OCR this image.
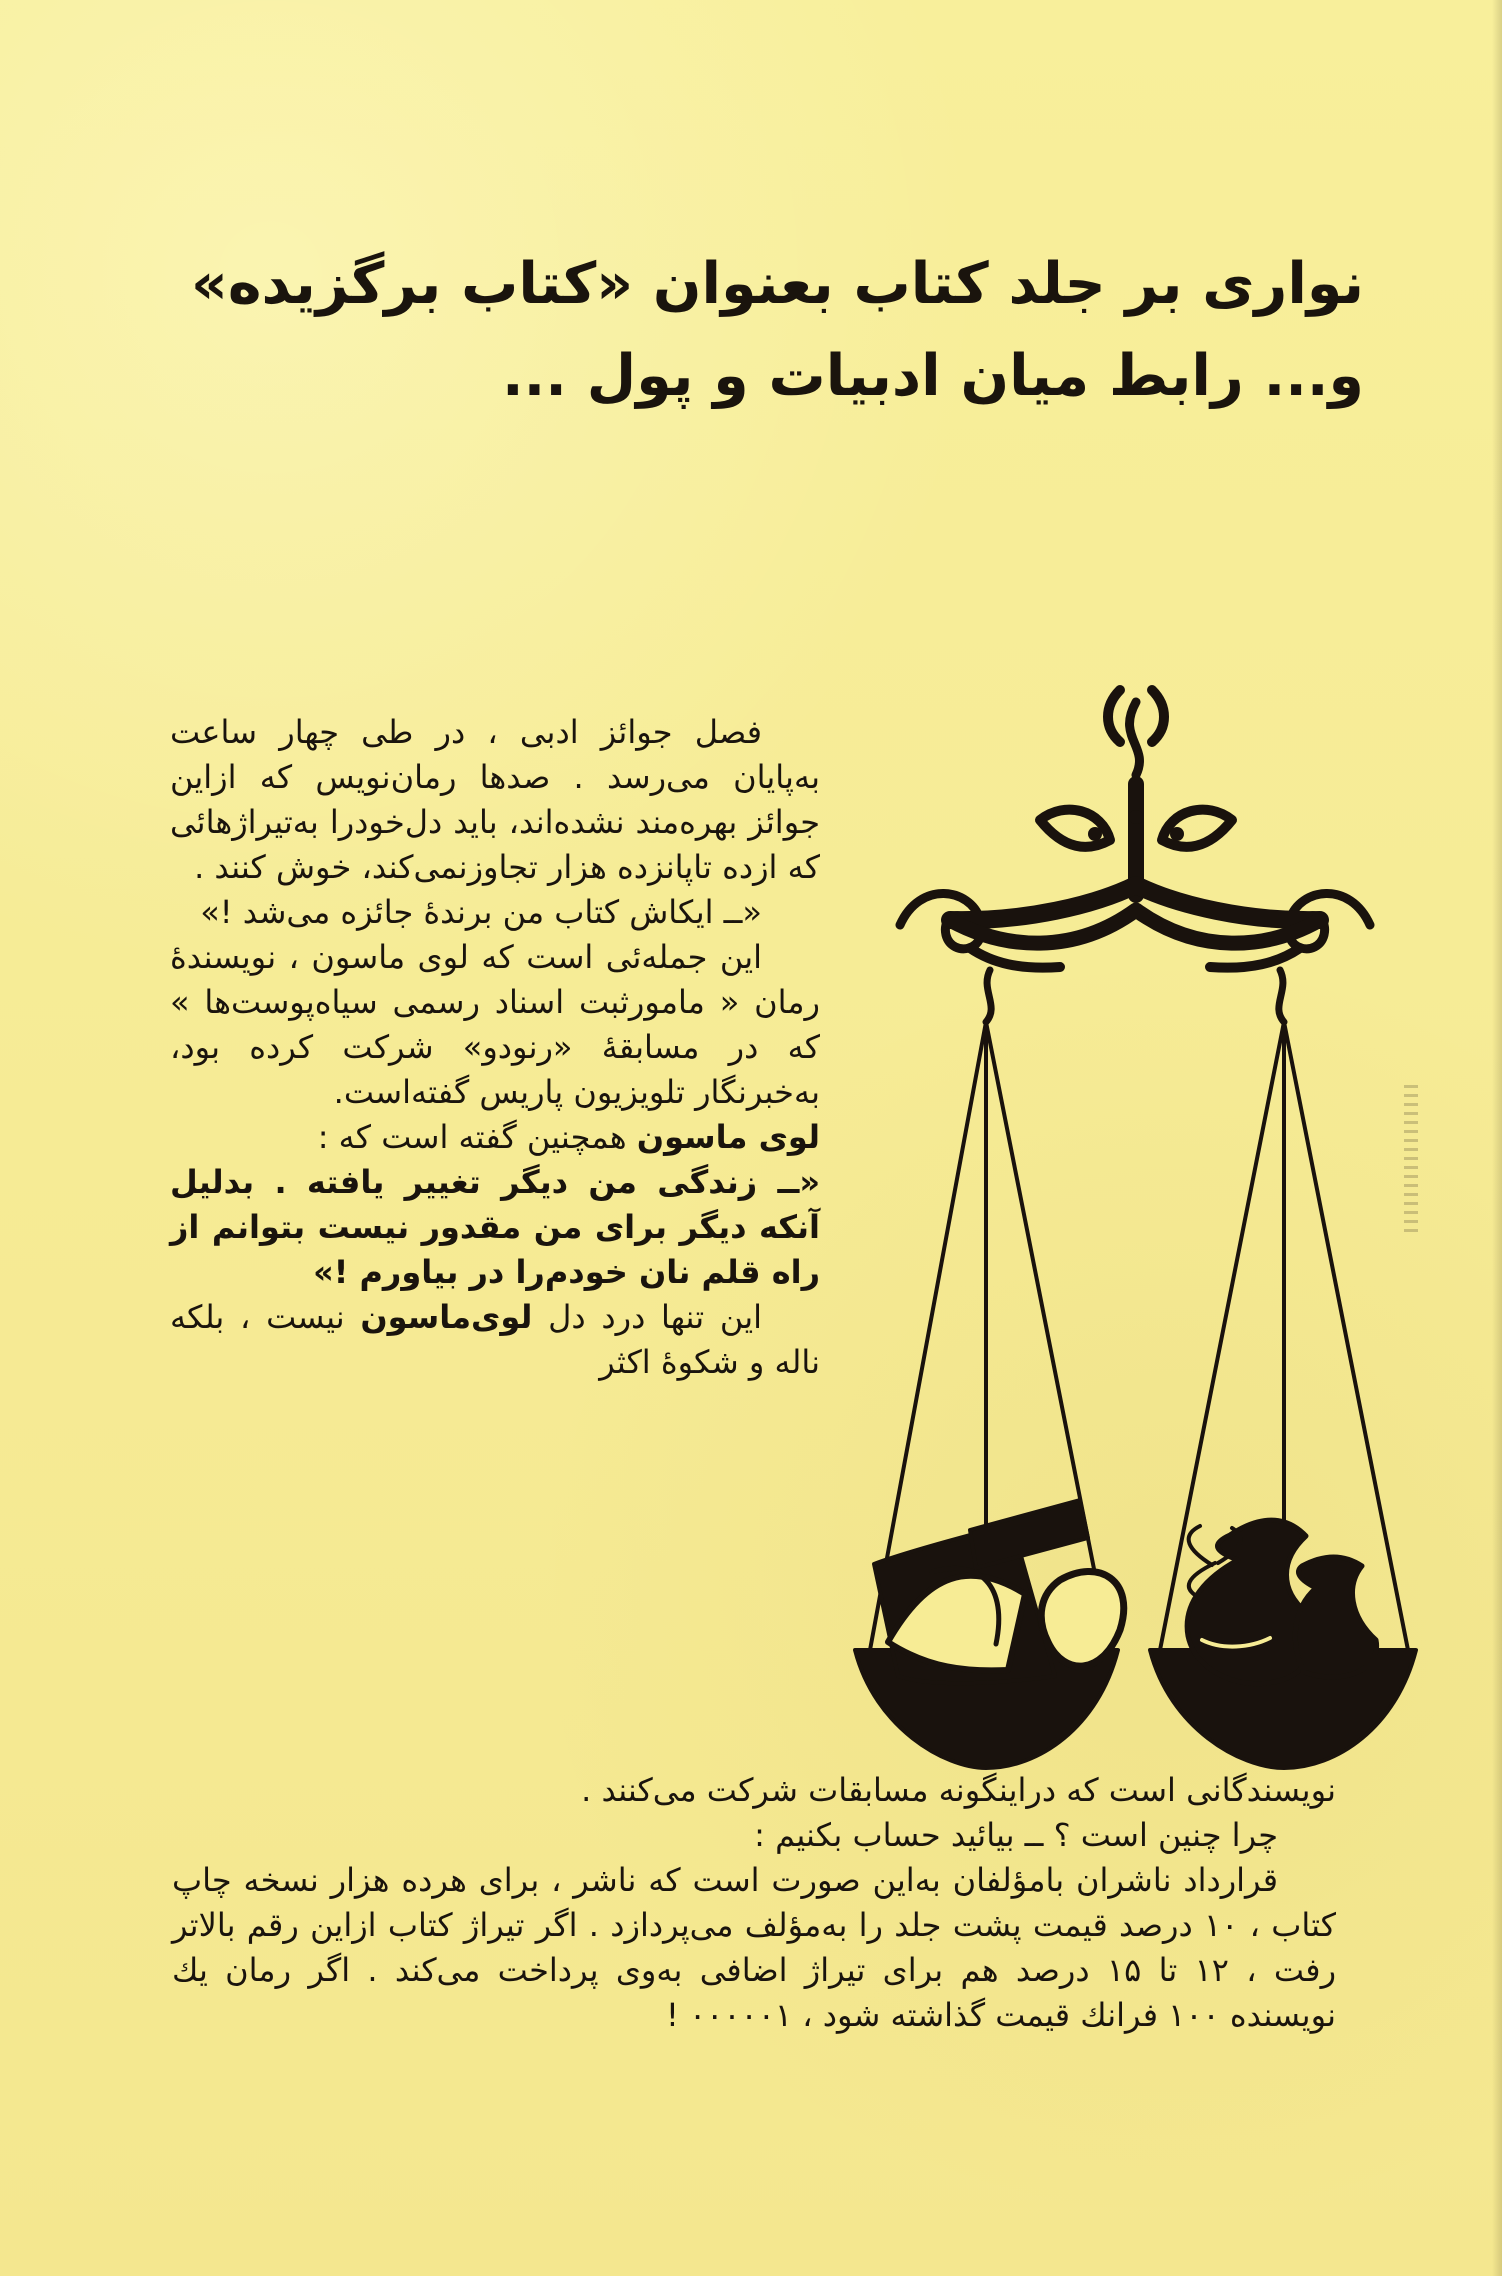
نواری بر جلد کتاب بعنوان «کتاب برگزیده»
و... رابط میان ادبیات و پول ...

فصل جوائز ادبی ، در طی چهار ساعت به‌پایان می‌رسد . صدها رمان‌نویس که ازاین جوائز بهره‌مند نشده‌اند، باید دل‌خودرا به‌تیراژهائی که ازده تاپانزده هزار تجاوزنمی‌کند، خوش کنند .

«ــ ایکاش کتاب من برندهٔ جائزه می‌شد !»

این جمله‌ئی است که لوی ماسون ، نویسندهٔ رمان « مامورثبت اسناد رسمی سیاه‌پوست‌ها » که در مسابقهٔ «رنودو» شرکت کرده بود، به‌خبرنگار تلویزیون پاریس گفته‌است.

لوی ماسون همچنین گفته است که :

«ــ زندگی من دیگر تغییر یافته . بدلیل آنکه دیگر برای من مقدور نیست بتوانم از راه قلم نان خودم‌را در بیاورم !»

این تنها درد دل لوی‌ماسون نیست ، بلکه ناله و شکوهٔ اکثر

نویسندگانی است که دراینگونه مسابقات شرکت می‌کنند .

چرا چنین است ؟ ــ بیائید حساب بکنیم :

قرارداد ناشران بامؤلفان به‌این صورت است که ناشر ، برای هرده هزار نسخه چاپ کتاب ، ۱۰ درصد قیمت پشت جلد را به‌مؤلف می‌پردازد . اگر تیراژ کتاب ازاین رقم بالاتر رفت ، ۱۲ تا ۱۵ درصد هم برای تیراژ اضافی به‌وی پرداخت می‌کند . اگر رمان یك نویسنده ۱۰۰ فرانك قیمت گذاشته شود ، ۰۰۰۰۰۱ !
